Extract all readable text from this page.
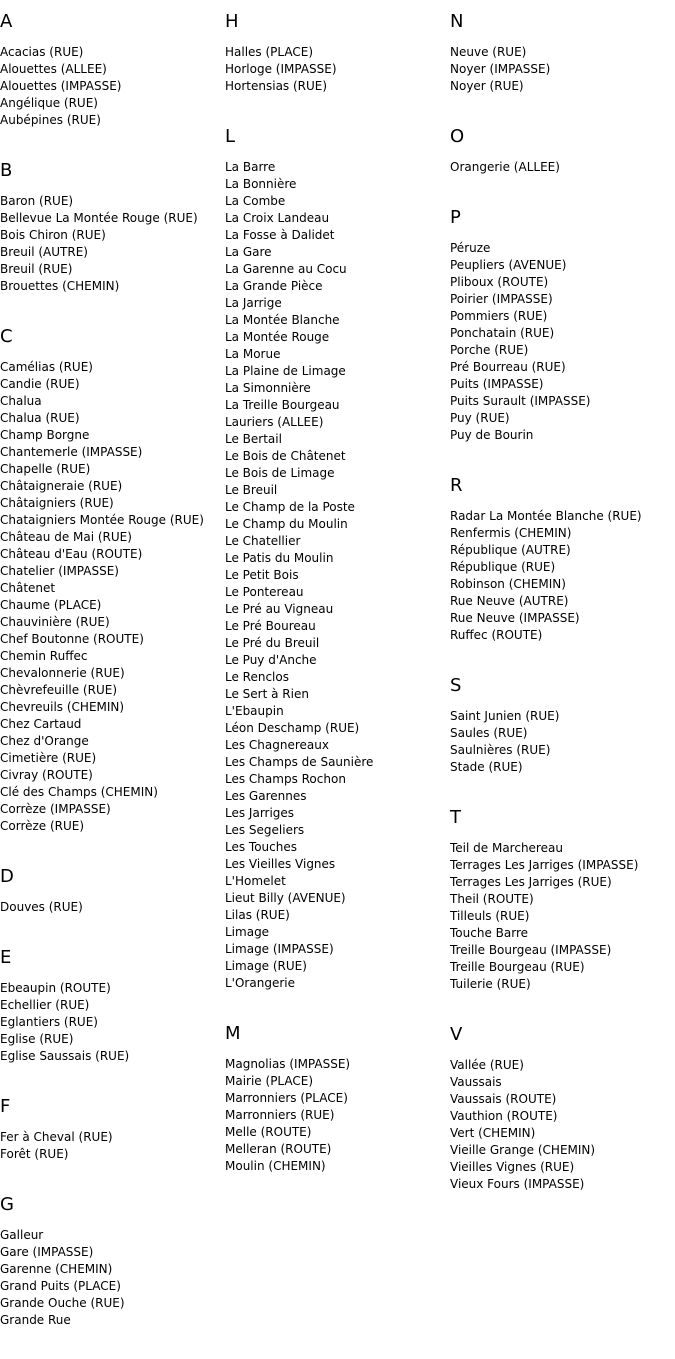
A
Acacias (RUE)
Alouettes (ALLEE)
Alouettes (IMPASSE)
Angélique (RUE)
Aubépines (RUE)
B
Baron (RUE)
Bellevue La Montée Rouge (RUE)
Bois Chiron (RUE)
Breuil (AUTRE)
Breuil (RUE)
Brouettes (CHEMIN)
C
Camélias (RUE)
Candie (RUE)
Chalua
Chalua (RUE)
Champ Borgne
Chantemerle (IMPASSE)
Chapelle (RUE)
Châtaigneraie (RUE)
Châtaigniers (RUE)
Chataigniers Montée Rouge (RUE)
Château de Mai (RUE)
Château d'Eau (ROUTE)
Chatelier (IMPASSE)
Châtenet
Chaume (PLACE)
Chauvinière (RUE)
Chef Boutonne (ROUTE)
Chemin Ruffec
Chevalonnerie (RUE)
Chèvrefeuille (RUE)
Chevreuils (CHEMIN)
Chez Cartaud
Chez d'Orange
Cimetière (RUE)
Civray (ROUTE)
Clé des Champs (CHEMIN)
Corrèze (IMPASSE)
Corrèze (RUE)
D
Douves (RUE)
E
Ebeaupin (ROUTE)
Echellier (RUE)
Eglantiers (RUE)
Eglise (RUE)
Eglise Saussais (RUE)
F
Fer à Cheval (RUE)
Forêt (RUE)
G
Galleur
Gare (IMPASSE)
Garenne (CHEMIN)
Grand Puits (PLACE)
Grande Ouche (RUE)
Grande Rue
H
Halles (PLACE)
Horloge (IMPASSE)
Hortensias (RUE)
L
La Barre
La Bonnière
La Combe
La Croix Landeau
La Fosse à Dalidet
La Gare
La Garenne au Cocu
La Grande Pièce
La Jarrige
La Montée Blanche
La Montée Rouge
La Morue
La Plaine de Limage
La Simonnière
La Treille Bourgeau
Lauriers (ALLEE)
Le Bertail
Le Bois de Châtenet
Le Bois de Limage
Le Breuil
Le Champ de la Poste
Le Champ du Moulin
Le Chatellier
Le Patis du Moulin
Le Petit Bois
Le Pontereau
Le Pré au Vigneau
Le Pré Boureau
Le Pré du Breuil
Le Puy d'Anche
Le Renclos
Le Sert à Rien
L'Ebaupin
Léon Deschamp (RUE)
Les Chagnereaux
Les Champs de Saunière
Les Champs Rochon
Les Garennes
Les Jarriges
Les Segeliers
Les Touches
Les Vieilles Vignes
L'Homelet
Lieut Billy (AVENUE)
Lilas (RUE)
Limage
Limage (IMPASSE)
Limage (RUE)
L'Orangerie
M
Magnolias (IMPASSE)
Mairie (PLACE)
Marronniers (PLACE)
Marronniers (RUE)
Melle (ROUTE)
Melleran (ROUTE)
Moulin (CHEMIN)
N
Neuve (RUE)
Noyer (IMPASSE)
Noyer (RUE)
O
Orangerie (ALLEE)
P
Péruze
Peupliers (AVENUE)
Pliboux (ROUTE)
Poirier (IMPASSE)
Pommiers (RUE)
Ponchatain (RUE)
Porche (RUE)
Pré Bourreau (RUE)
Puits (IMPASSE)
Puits Surault (IMPASSE)
Puy (RUE)
Puy de Bourin
R
Radar La Montée Blanche (RUE)
Renfermis (CHEMIN)
République (AUTRE)
République (RUE)
Robinson (CHEMIN)
Rue Neuve (AUTRE)
Rue Neuve (IMPASSE)
Ruffec (ROUTE)
S
Saint Junien (RUE)
Saules (RUE)
Saulnières (RUE)
Stade (RUE)
T
Teil de Marchereau
Terrages Les Jarriges (IMPASSE)
Terrages Les Jarriges (RUE)
Theil (ROUTE)
Tilleuls (RUE)
Touche Barre
Treille Bourgeau (IMPASSE)
Treille Bourgeau (RUE)
Tuilerie (RUE)
V
Vallée (RUE)
Vaussais
Vaussais (ROUTE)
Vauthion (ROUTE)
Vert (CHEMIN)
Vieille Grange (CHEMIN)
Vieilles Vignes (RUE)
Vieux Fours (IMPASSE)
